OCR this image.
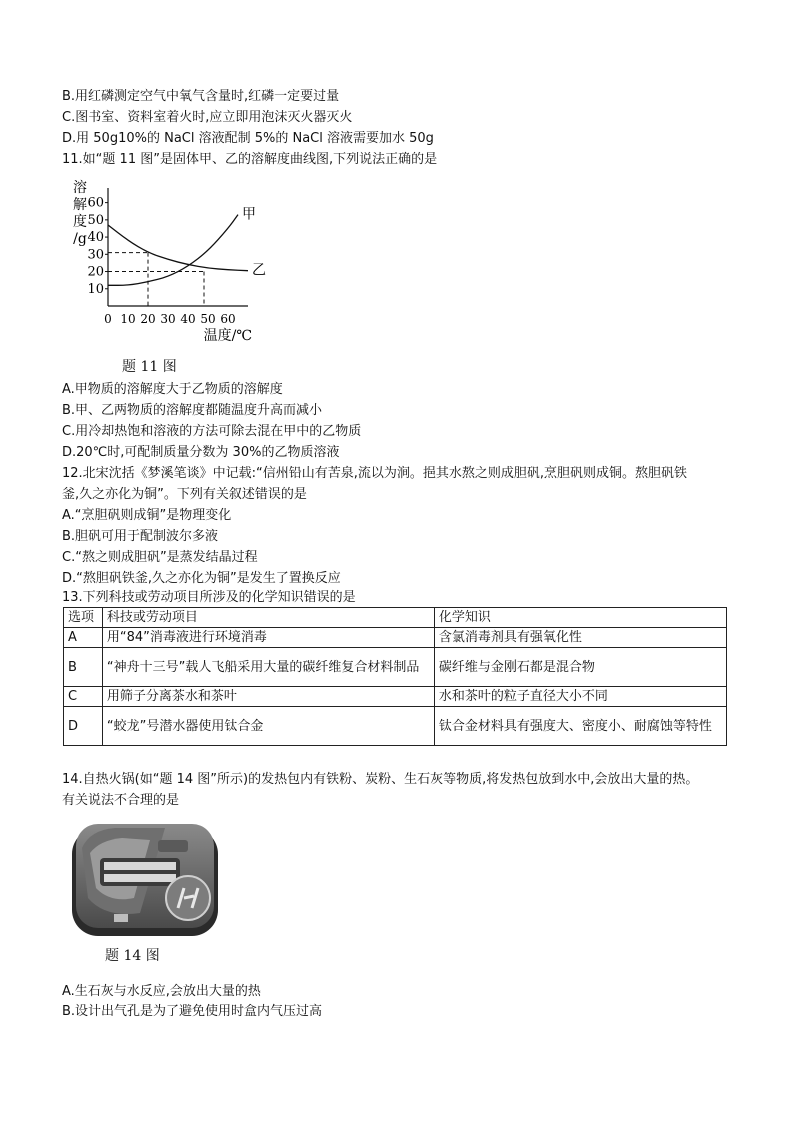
B.用红磷测定空气中氧气含量时,红磷一定要过量
C.图书室、资料室着火时,应立即用泡沫灭火器灭火
D.用 50g10%的 NaCl 溶液配制 5%的 NaCl 溶液需要加水 50g
11.如“题 11 图”是固体甲、乙的溶解度曲线图,下列说法正确的是
10
20
30
40
50
60
0 10 20 30 40 50 60
溶
解
度
/g
温度/℃
甲
乙
题 11 图
A.甲物质的溶解度大于乙物质的溶解度
B.甲、乙两物质的溶解度都随温度升高而减小
C.用冷却热饱和溶液的方法可除去混在甲中的乙物质
D.20℃时,可配制质量分数为 30%的乙物质溶液
12.北宋沈括《梦溪笔谈》中记载:“信州铅山有苦泉,流以为涧。挹其水熬之则成胆矾,烹胆矾则成铜。熬胆矾铁
釜,久之亦化为铜”。下列有关叙述错误的是
A.“烹胆矾则成铜”是物理变化
B.胆矾可用于配制波尔多液
C.“熬之则成胆矾”是蒸发结晶过程
D.“熬胆矾铁釜,久之亦化为铜”是发生了置换反应
13.下列科技或劳动项目所涉及的化学知识错误的是
选项	科技或劳动项目	化学知识
A	用“84”消毒液进行环境消毒	含氯消毒剂具有强氧化性
B	“神舟十三号”载人飞船采用大量的碳纤维复合材料制品	碳纤维与金刚石都是混合物
C	用筛子分离茶水和茶叶	水和茶叶的粒子直径大小不同
D	“蛟龙”号潜水器使用钛合金	钛合金材料具有强度大、密度小、耐腐蚀等特性
14.自热火锅(如“题 14 图”所示)的发热包内有铁粉、炭粉、生石灰等物质,将发热包放到水中,会放出大量的热。
有关说法不合理的是
题 14 图
A.生石灰与水反应,会放出大量的热
B.设计出气孔是为了避免使用时盒内气压过高
